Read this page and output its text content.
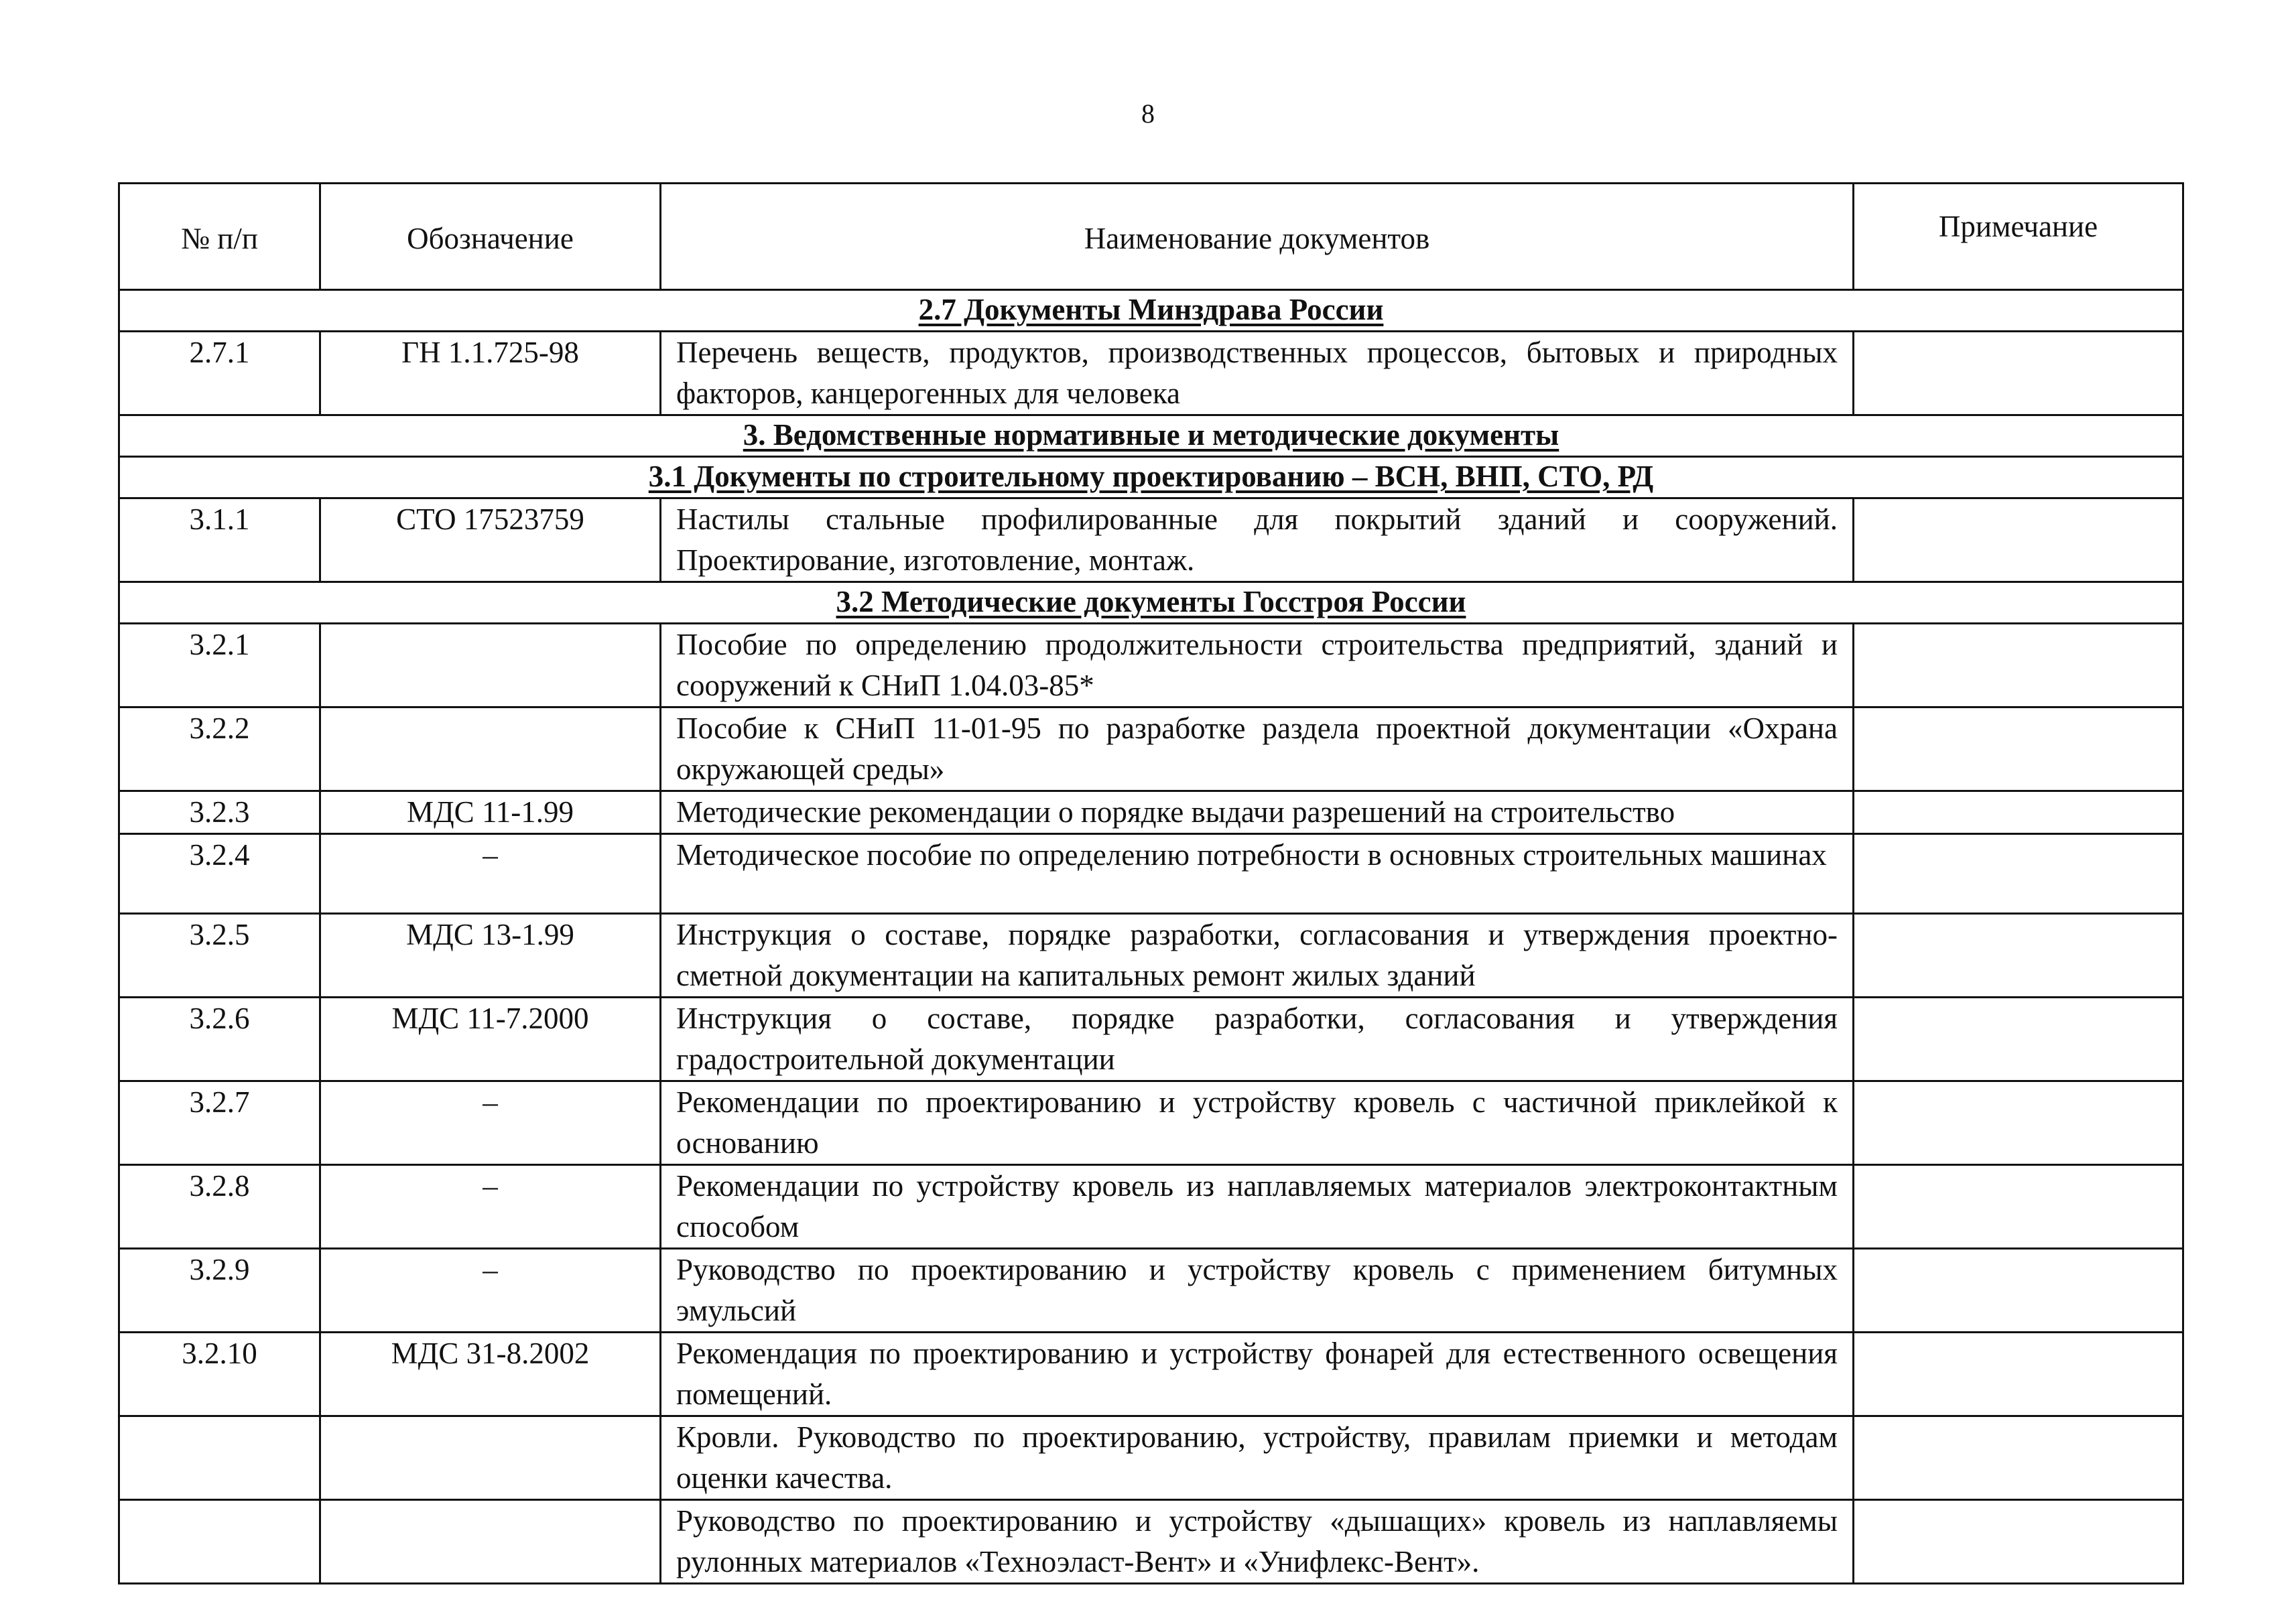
8
№ п/п	Обозначение	Наименование документов	Примечание
2.7 Документы Минздрава России			
2.7.1	ГН 1.1.725-98	Перечень веществ, продуктов, производственных процессов, бытовых и природных факторов, канцерогенных для человека	
3. Ведомственные нормативные и методические документы			
3.1 Документы по строительному проектированию – ВСН, ВНП, СТО, РД			
3.1.1	СТО 17523759	Настилы стальные профилированные для покрытий зданий и сооружений. Проектирование, изготовление, монтаж.	
3.2 Методические документы Госстроя России			
3.2.1		Пособие по определению продолжительности строительства предприятий, зданий и сооружений к СНиП 1.04.03-85*	
3.2.2		Пособие к СНиП 11-01-95 по разработке раздела проектной документации «Охрана окружающей среды»	
3.2.3	МДС 11-1.99	Методические рекомендации о порядке выдачи разрешений на строительство	
3.2.4	–	Методическое пособие по определению потребности в основных строительных машинах	
3.2.5	МДС 13-1.99	Инструкция о составе, порядке разработки, согласования и утверждения проектно-сметной документации на капитальных ремонт жилых зданий	
3.2.6	МДС 11-7.2000	Инструкция о составе, порядке разработки, согласования и утверждения градостроительной документации	
3.2.7	–	Рекомендации по проектированию и устройству кровель с частичной приклейкой к основанию	
3.2.8	–	Рекомендации по устройству кровель из наплавляемых материалов электроконтактным способом	
3.2.9	–	Руководство по проектированию и устройству кровель с применением битумных эмульсий	
3.2.10	МДС 31-8.2002	Рекомендация по проектированию и устройству фонарей для естественного освещения помещений.	
		Кровли. Руководство по проектированию, устройству, правилам приемки и методам оценки качества.	
		Руководство по проектированию и устройству «дышащих» кровель из наплавляемы рулонных материалов «Техноэласт-Вент» и «Унифлекс-Вент».	
